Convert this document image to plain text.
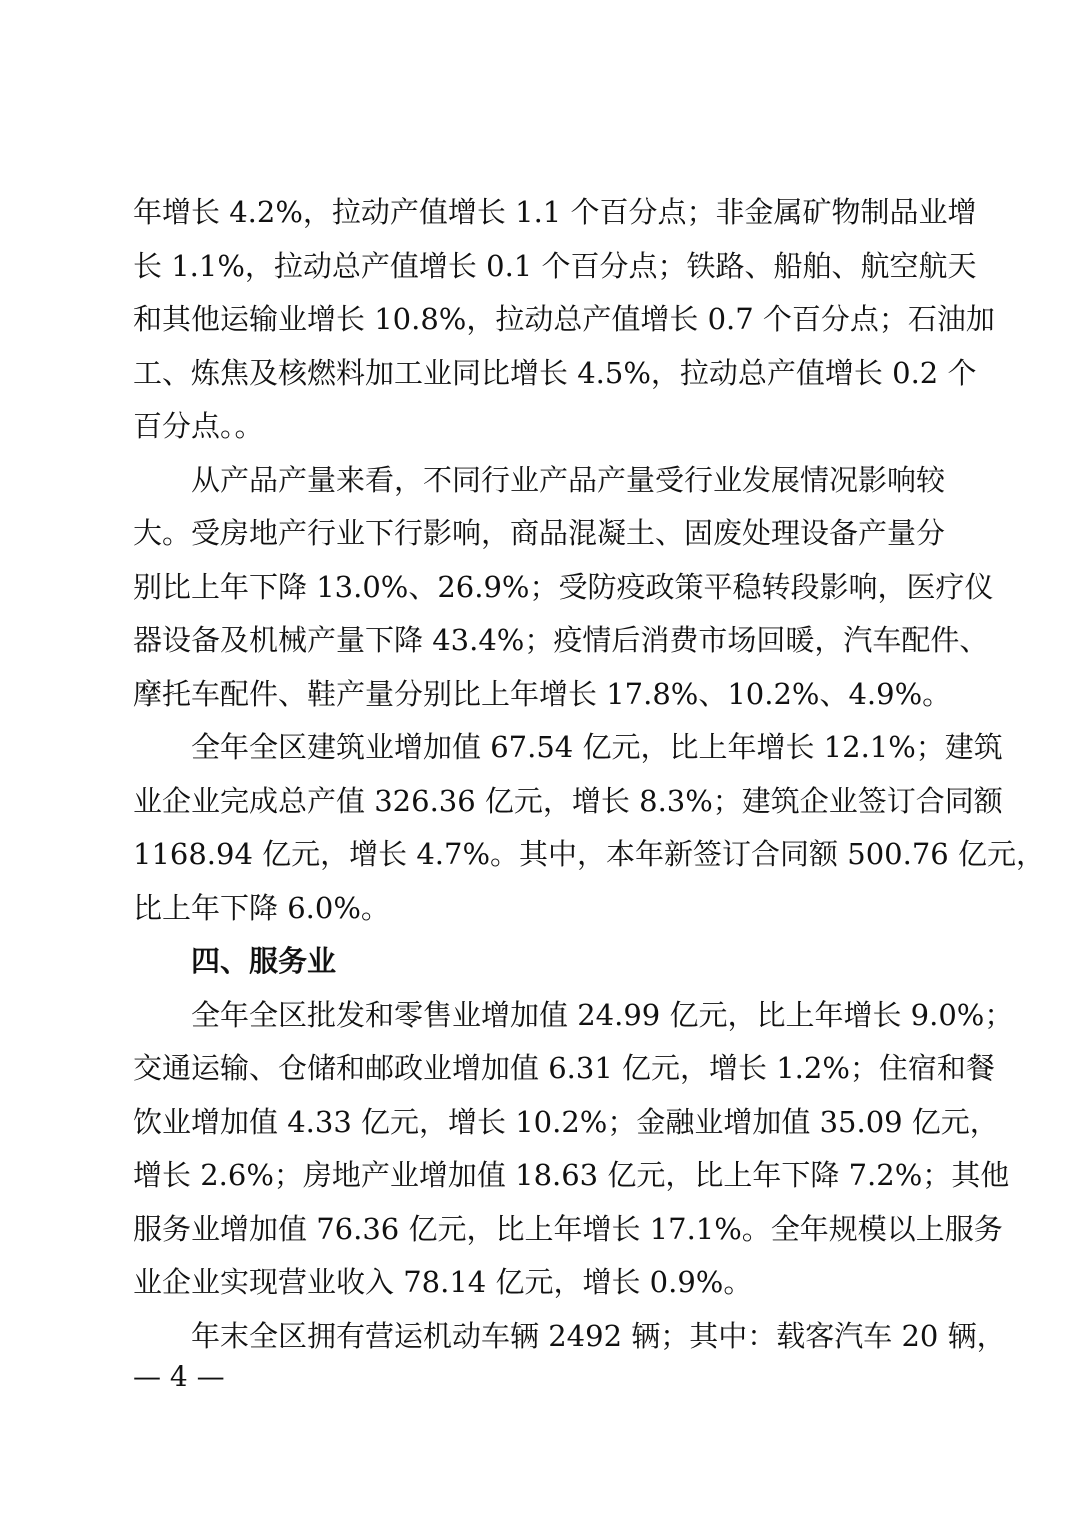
年增长 4.2%，拉动产值增长 1.1 个百分点；非金属矿物制品业增
长 1.1%，拉动总产值增长 0.1 个百分点；铁路、船舶、航空航天
和其他运输业增长 10.8%，拉动总产值增长 0.7 个百分点；石油加
工、炼焦及核燃料加工业同比增长 4.5%，拉动总产值增长 0.2 个
百分点。。
从产品产量来看，不同行业产品产量受行业发展情况影响较
大。受房地产行业下行影响，商品混凝土、固废处理设备产量分
别比上年下降 13.0%、26.9%；受防疫政策平稳转段影响，医疗仪
器设备及机械产量下降 43.4%；疫情后消费市场回暖，汽车配件、
摩托车配件、鞋产量分别比上年增长 17.8%、10.2%、4.9%。
全年全区建筑业增加值 67.54 亿元，比上年增长 12.1%；建筑
业企业完成总产值 326.36 亿元，增长 8.3%；建筑企业签订合同额
1168.94 亿元，增长 4.7%。其中，本年新签订合同额 500.76 亿元，
比上年下降 6.0%。
四、服务业
全年全区批发和零售业增加值 24.99 亿元，比上年增长 9.0%；
交通运输、仓储和邮政业增加值 6.31 亿元，增长 1.2%；住宿和餐
饮业增加值 4.33 亿元，增长 10.2%；金融业增加值 35.09 亿元，
增长 2.6%；房地产业增加值 18.63 亿元，比上年下降 7.2%；其他
服务业增加值 76.36 亿元，比上年增长 17.1%。全年规模以上服务
业企业实现营业收入 78.14 亿元，增长 0.9%。
年末全区拥有营运机动车辆 2492 辆；其中：载客汽车 20 辆，
— 4 —
